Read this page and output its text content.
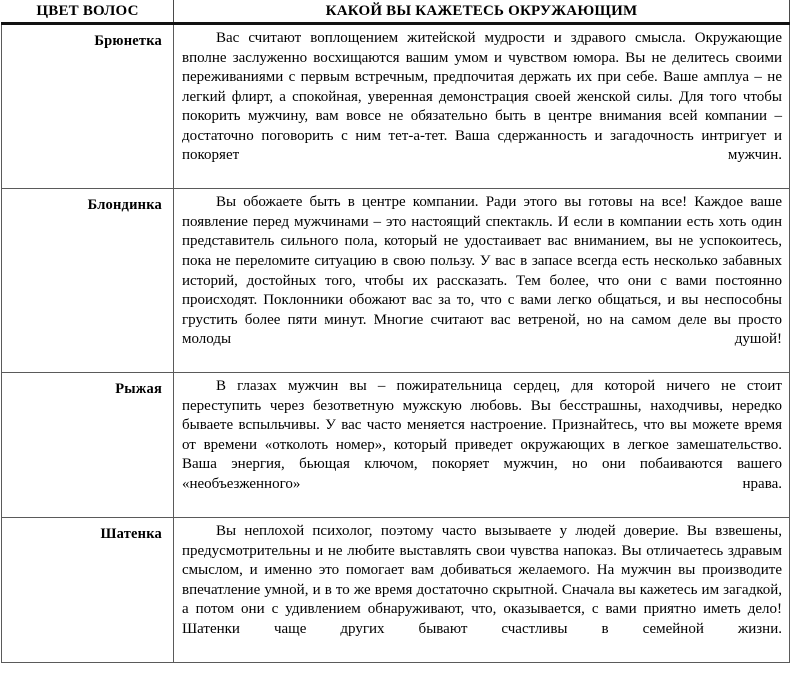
ЦВЕТ ВОЛОС	КАКОЙ ВЫ КАЖЕТЕСЬ ОКРУЖАЮЩИМ
Брюнетка	Вас считают воплощением житейской мудрости и здравого смысла. Окружающие вполне заслуженно восхищаются вашим умом и чувством юмора. Вы не делитесь своими переживаниями с первым встречным, предпочитая держать их при себе. Ваше амплуа – не легкий флирт, а спокойная, уверенная демонстрация своей женской силы. Для того чтобы покорить мужчину, вам вовсе не обязательно быть в центре внимания всей компании – достаточно поговорить с ним тет-а-тет. Ваша сдержанность и загадочность интригует и покоряет мужчин.

Блондинка	Вы обожаете быть в центре компании. Ради этого вы готовы на все! Каждое ваше появление перед мужчинами – это настоящий спектакль. И если в компании есть хоть один представитель сильного пола, который не удостаивает вас вниманием, вы не успокоитесь, пока не переломите ситуацию в свою пользу. У вас в запасе всегда есть несколько забавных историй, достойных того, чтобы их рассказать. Тем более, что они с вами постоянно происходят. Поклонники обожают вас за то, что с вами легко общаться, и вы неспособны грустить более пяти минут. Многие считают вас ветреной, но на самом деле вы просто молоды душой!

Рыжая	В глазах мужчин вы – пожирательница сердец, для которой ничего не стоит переступить через безответную мужскую любовь. Вы бесстрашны, находчивы, нередко бываете вспыльчивы. У вас часто меняется настроение. Признайтесь, что вы можете время от времени «отколоть номер», который приведет окружающих в легкое замешательство. Ваша энергия, бьющая ключом, покоряет мужчин, но они побаиваются вашего «необъезженного» нрава.

Шатенка	Вы неплохой психолог, поэтому часто вызываете у людей доверие. Вы взвешены, предусмотрительны и не любите выставлять свои чувства напоказ. Вы отличаетесь здравым смыслом, и именно это помогает вам добиваться желаемого. На мужчин вы производите впечатление умной, и в то же время достаточно скрытной. Сначала вы кажетесь им загадкой, а потом они с удивлением обнаруживают, что, оказывается, с вами приятно иметь дело! Шатенки чаще других бывают счастливы в семейной жизни.
